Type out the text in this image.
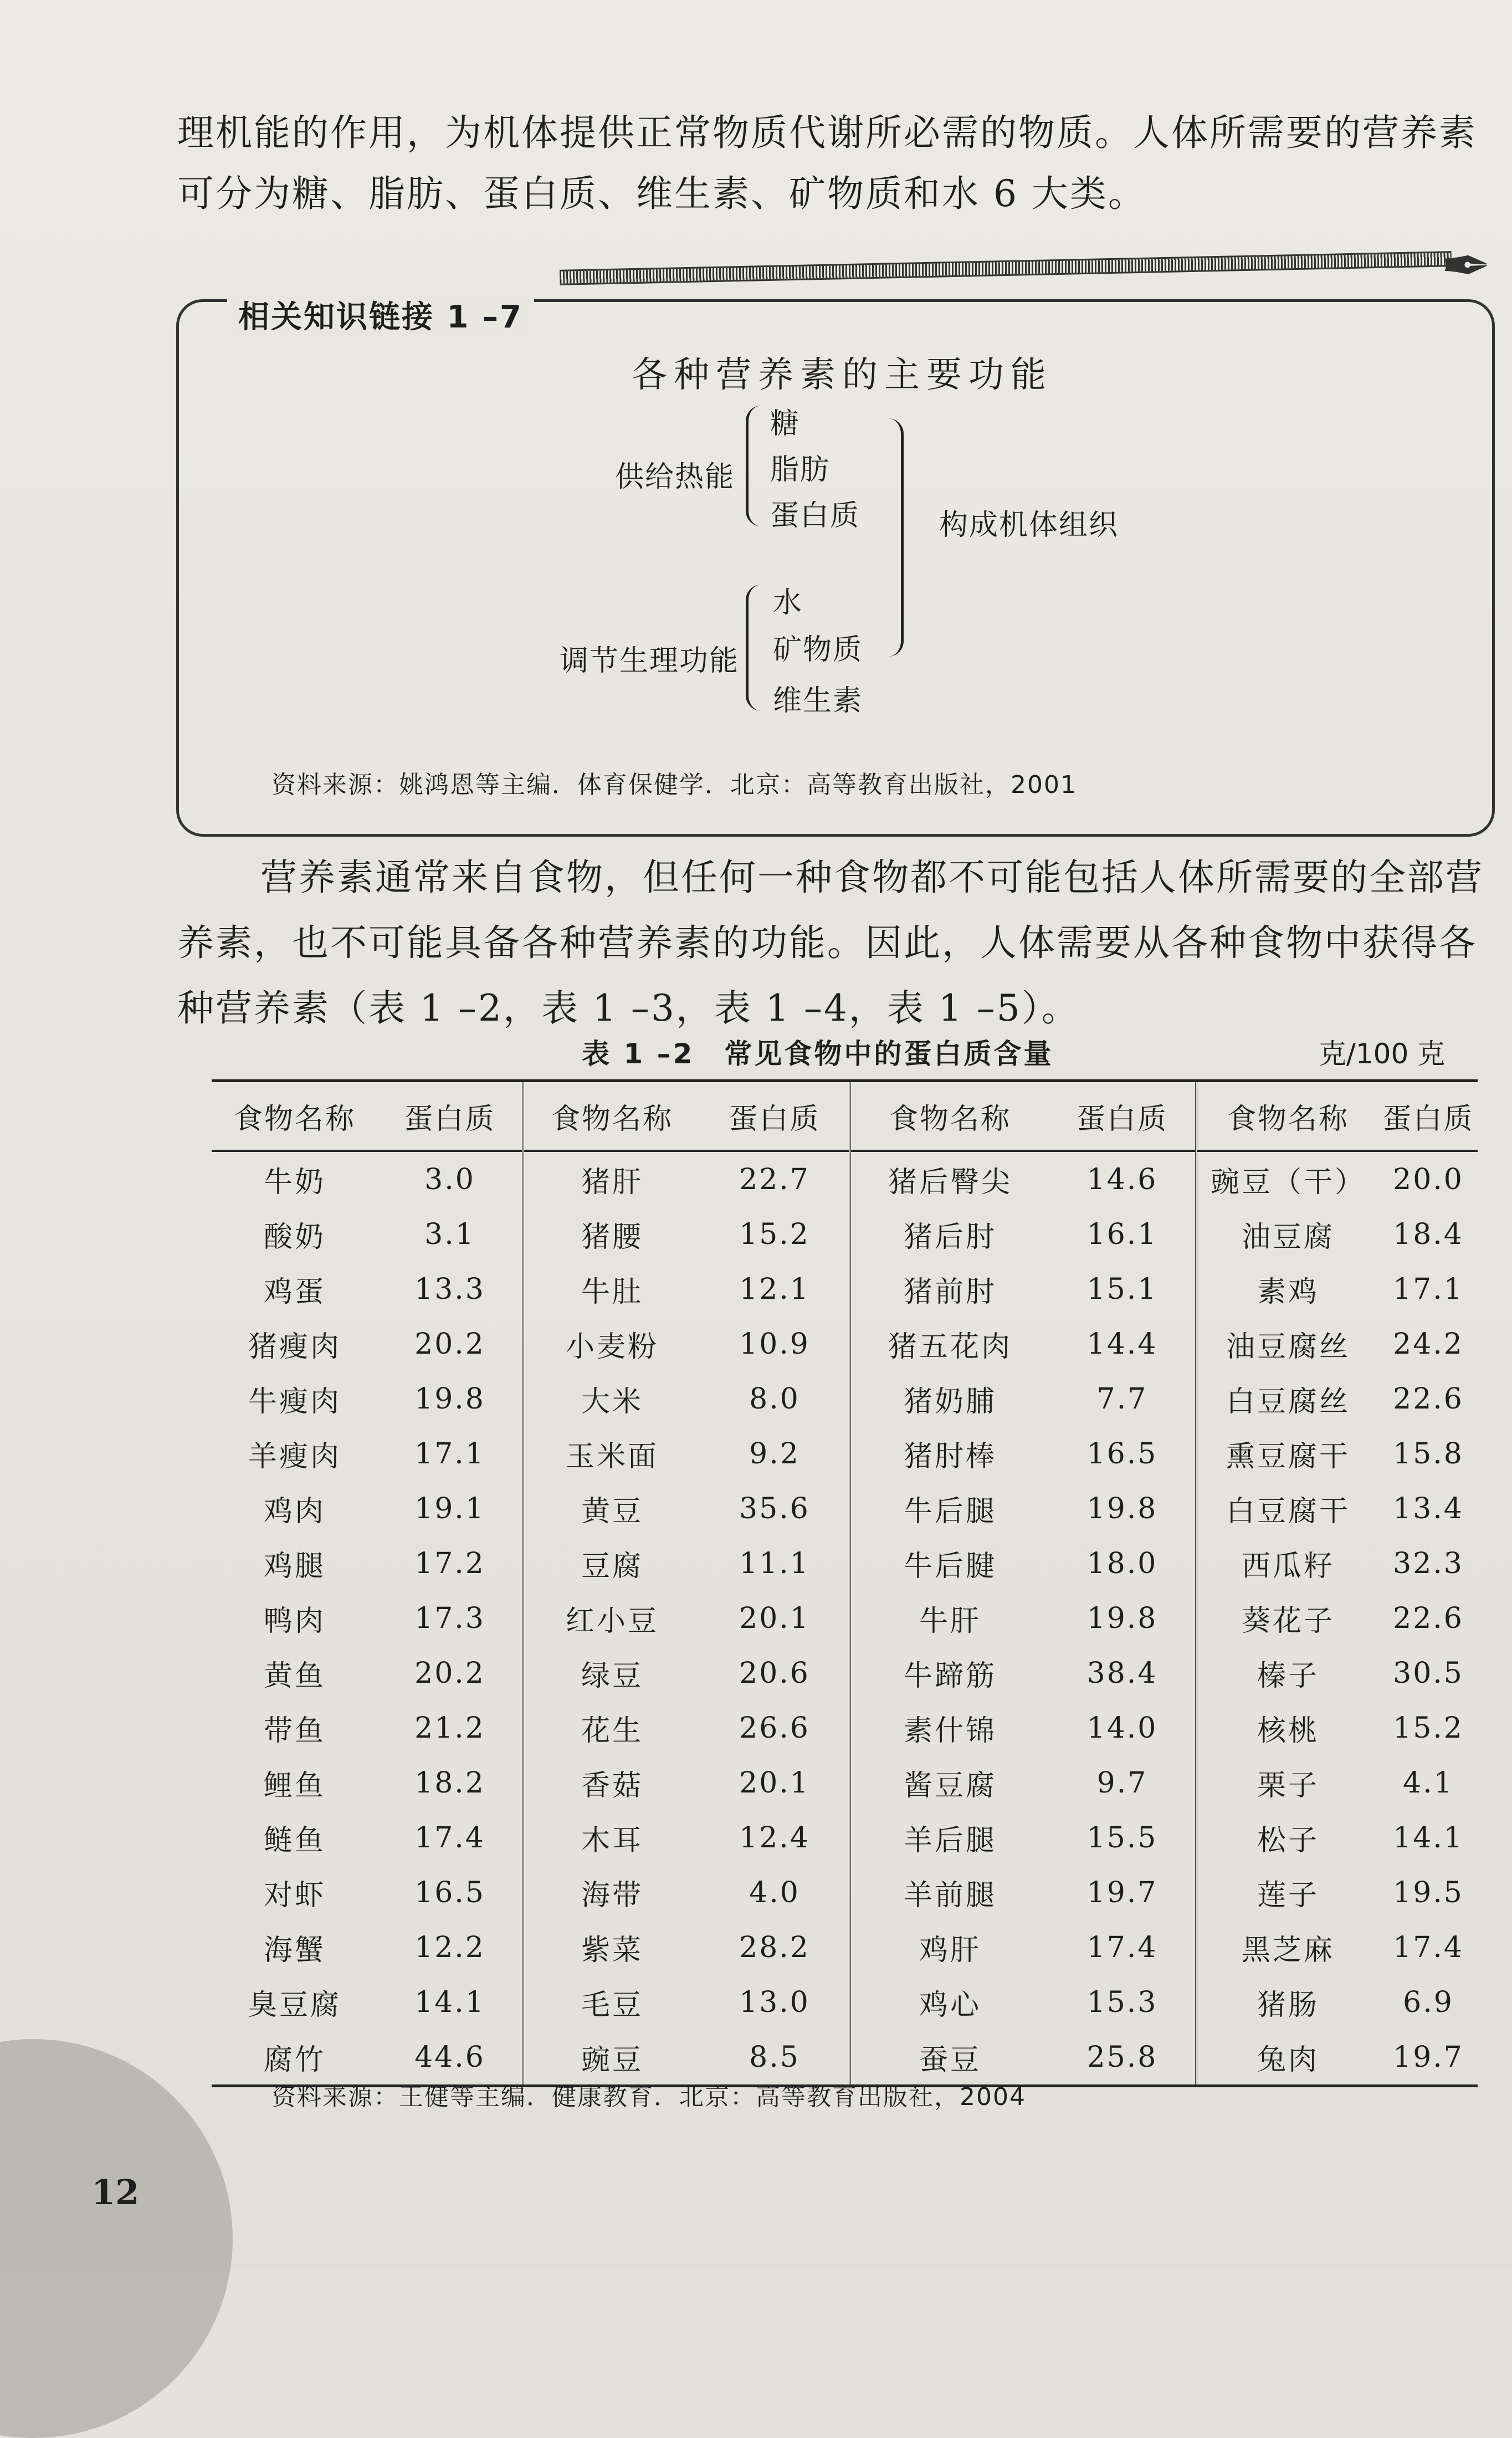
理机能的作用，为机体提供正常物质代谢所必需的物质。人体所需要的营养素
可分为糖、脂肪、蛋白质、维生素、矿物质和水 6 大类。
✒
相关知识链接 1 –7
各种营养素的主要功能
供给热能
糖
脂肪
蛋白质
调节生理功能
水
矿物质
维生素
构成机体组织
资料来源：姚鸿恩等主编．体育保健学．北京：高等教育出版社，2001
营养素通常来自食物，但任何一种食物都不可能包括人体所需要的全部营养素，也不可能具备各种营养素的功能。因此，人体需要从各种食物中获得各种营养素（表 1 –2，表 1 –3，表 1 –4，表 1 –5）。
表 1 –2　常见食物中的蛋白质含量	克/100 克
食物名称	蛋白质	食物名称	蛋白质	食物名称	蛋白质	食物名称	蛋白质
牛奶	3.0	猪肝	22.7	猪后臀尖	14.6	豌豆（干）	20.0
酸奶	3.1	猪腰	15.2	猪后肘	16.1	油豆腐	18.4
鸡蛋	13.3	牛肚	12.1	猪前肘	15.1	素鸡	17.1
猪瘦肉	20.2	小麦粉	10.9	猪五花肉	14.4	油豆腐丝	24.2
牛瘦肉	19.8	大米	8.0	猪奶脯	7.7	白豆腐丝	22.6
羊瘦肉	17.1	玉米面	9.2	猪肘棒	16.5	熏豆腐干	15.8
鸡肉	19.1	黄豆	35.6	牛后腿	19.8	白豆腐干	13.4
鸡腿	17.2	豆腐	11.1	牛后腱	18.0	西瓜籽	32.3
鸭肉	17.3	红小豆	20.1	牛肝	19.8	葵花子	22.6
黄鱼	20.2	绿豆	20.6	牛蹄筋	38.4	榛子	30.5
带鱼	21.2	花生	26.6	素什锦	14.0	核桃	15.2
鲤鱼	18.2	香菇	20.1	酱豆腐	9.7	栗子	4.1
鲢鱼	17.4	木耳	12.4	羊后腿	15.5	松子	14.1
对虾	16.5	海带	4.0	羊前腿	19.7	莲子	19.5
海蟹	12.2	紫菜	28.2	鸡肝	17.4	黑芝麻	17.4
臭豆腐	14.1	毛豆	13.0	鸡心	15.3	猪肠	6.9
腐竹	44.6	豌豆	8.5	蚕豆	25.8	兔肉	19.7
资料来源：王健等主编．健康教育．北京：高等教育出版社，2004
12
